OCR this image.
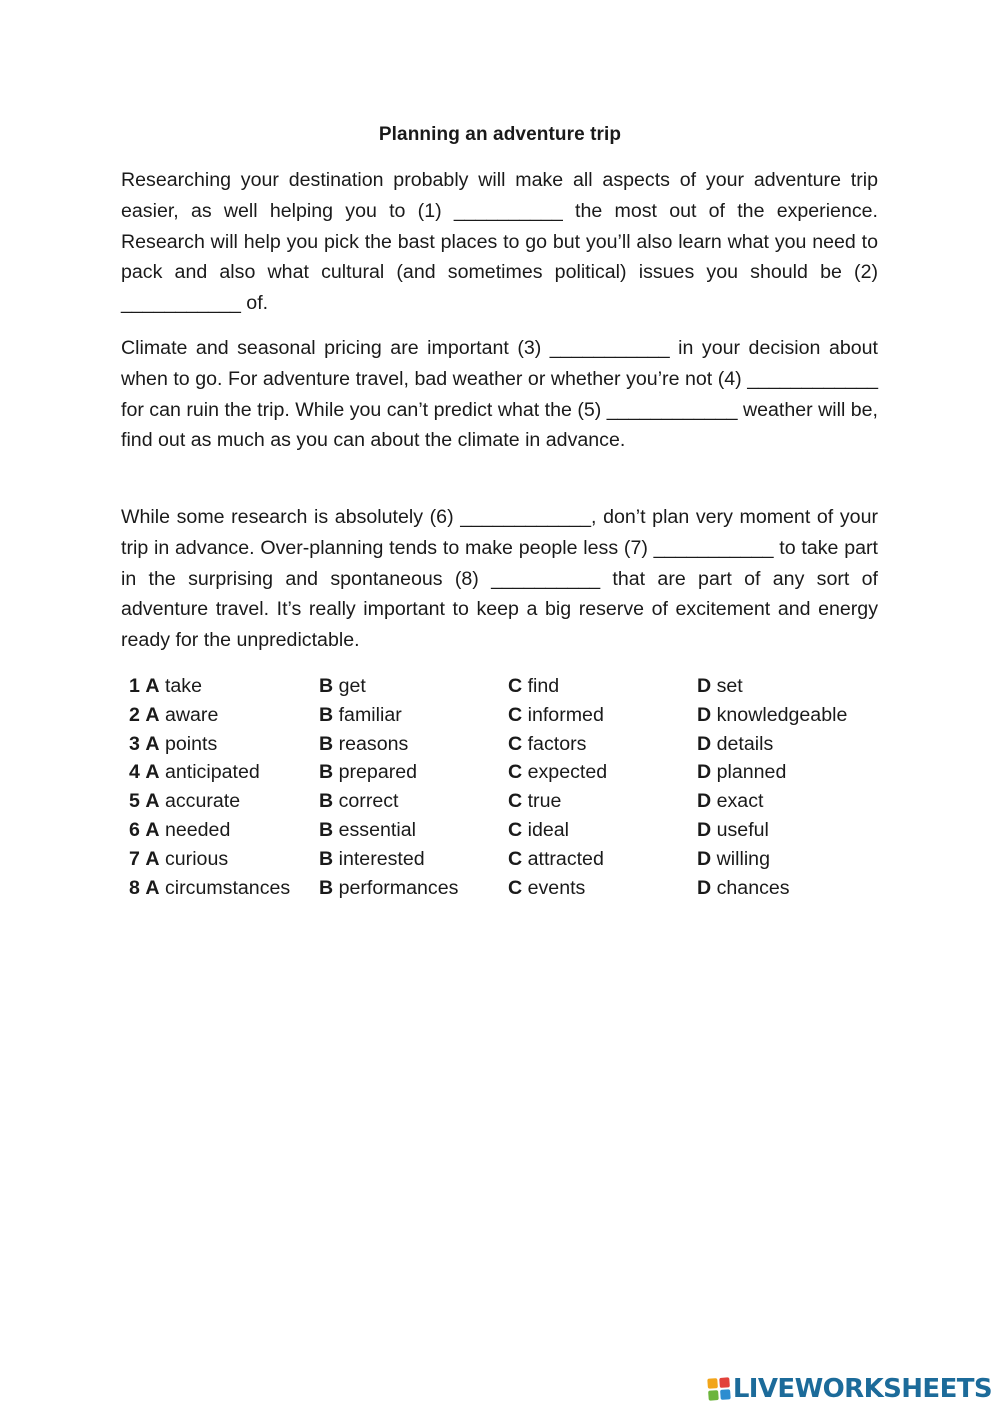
Planning an adventure trip

Researching your destination probably will make all aspects of your adventure trip easier, as well helping you to (1) __________ the most out of the experience. Research will help you pick the bast places to go but you’ll also learn what you need to pack and also what cultural (and sometimes political) issues you should be (2) ___________ of.

Climate and seasonal pricing are important (3) ___________ in your decision about when to go. For adventure travel, bad weather or whether you’re not (4) ____________ for can ruin the trip. While you can’t predict what the (5) ____________ weather will be, find out as much as you can about the climate in advance.

While some research is absolutely (6) ____________, don’t plan very moment of your trip in advance. Over-planning tends to make people less (7) ___________ to take part in the surprising and spontaneous (8) __________ that are part of any sort of adventure travel. It’s really important to keep a big reserve of excitement and energy ready for the unpredictable.

1 A take	B get	C find	D set
2 A aware	B familiar	C informed	D knowledgeable
3 A points	B reasons	C factors	D details
4 A anticipated	B prepared	C expected	D planned
5 A accurate	B correct	C true	D exact
6 A needed	B essential	C ideal	D useful
7 A curious	B interested	C attracted	D willing
8 A circumstances	B performances	C events	D chances
LIVEWORKSHEETS
